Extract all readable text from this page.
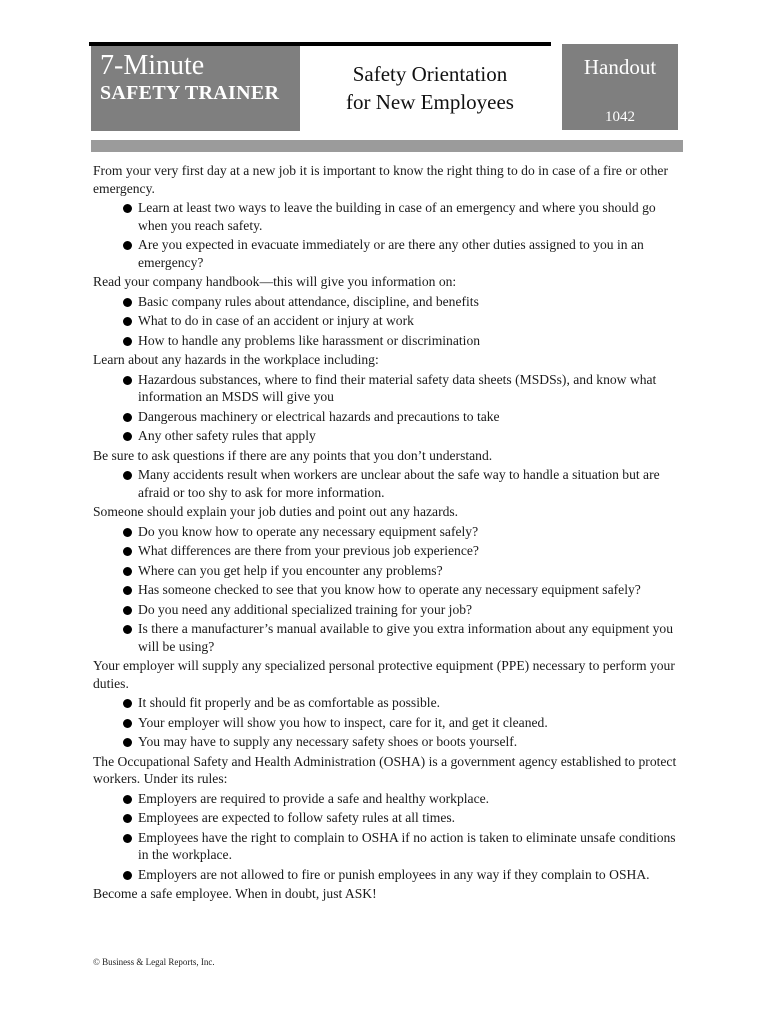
7-Minute
SAFETY TRAINER
Safety Orientation
for New Employees
Handout
1042

From your very first day at a new job it is important to know the right thing to do in case of a fire or other emergency.

Learn at least two ways to leave the building in case of an emergency and where you should go when you reach safety.
Are you expected in evacuate immediately or are there any other duties assigned to you in an emergency?

Read your company handbook—this will give you information on:

Basic company rules about attendance, discipline, and benefits
What to do in case of an accident or injury at work
How to handle any problems like harassment or discrimination

Learn about any hazards in the workplace including:

Hazardous substances, where to find their material safety data sheets (MSDSs), and know what information an MSDS will give you
Dangerous machinery or electrical hazards and precautions to take
Any other safety rules that apply

Be sure to ask questions if there are any points that you don’t understand.

Many accidents result when workers are unclear about the safe way to handle a situation but are afraid or too shy to ask for more information.

Someone should explain your job duties and point out any hazards.

Do you know how to operate any necessary equipment safely?
What differences are there from your previous job experience?
Where can you get help if you encounter any problems?
Has someone checked to see that you know how to operate any necessary equipment safely?
Do you need any additional specialized training for your job?
Is there a manufacturer’s manual available to give you extra information about any equipment you will be using?

Your employer will supply any specialized personal protective equipment (PPE) necessary to perform your duties.

It should fit properly and be as comfortable as possible.
Your employer will show you how to inspect, care for it, and get it cleaned.
You may have to supply any necessary safety shoes or boots yourself.

The Occupational Safety and Health Administration (OSHA) is a government agency established to protect workers. Under its rules:

Employers are required to provide a safe and healthy workplace.
Employees are expected to follow safety rules at all times.
Employees have the right to complain to OSHA if no action is taken to eliminate unsafe conditions in the workplace.
Employers are not allowed to fire or punish employees in any way if they complain to OSHA.

Become a safe employee. When in doubt, just ASK!

© Business & Legal Reports, Inc.
